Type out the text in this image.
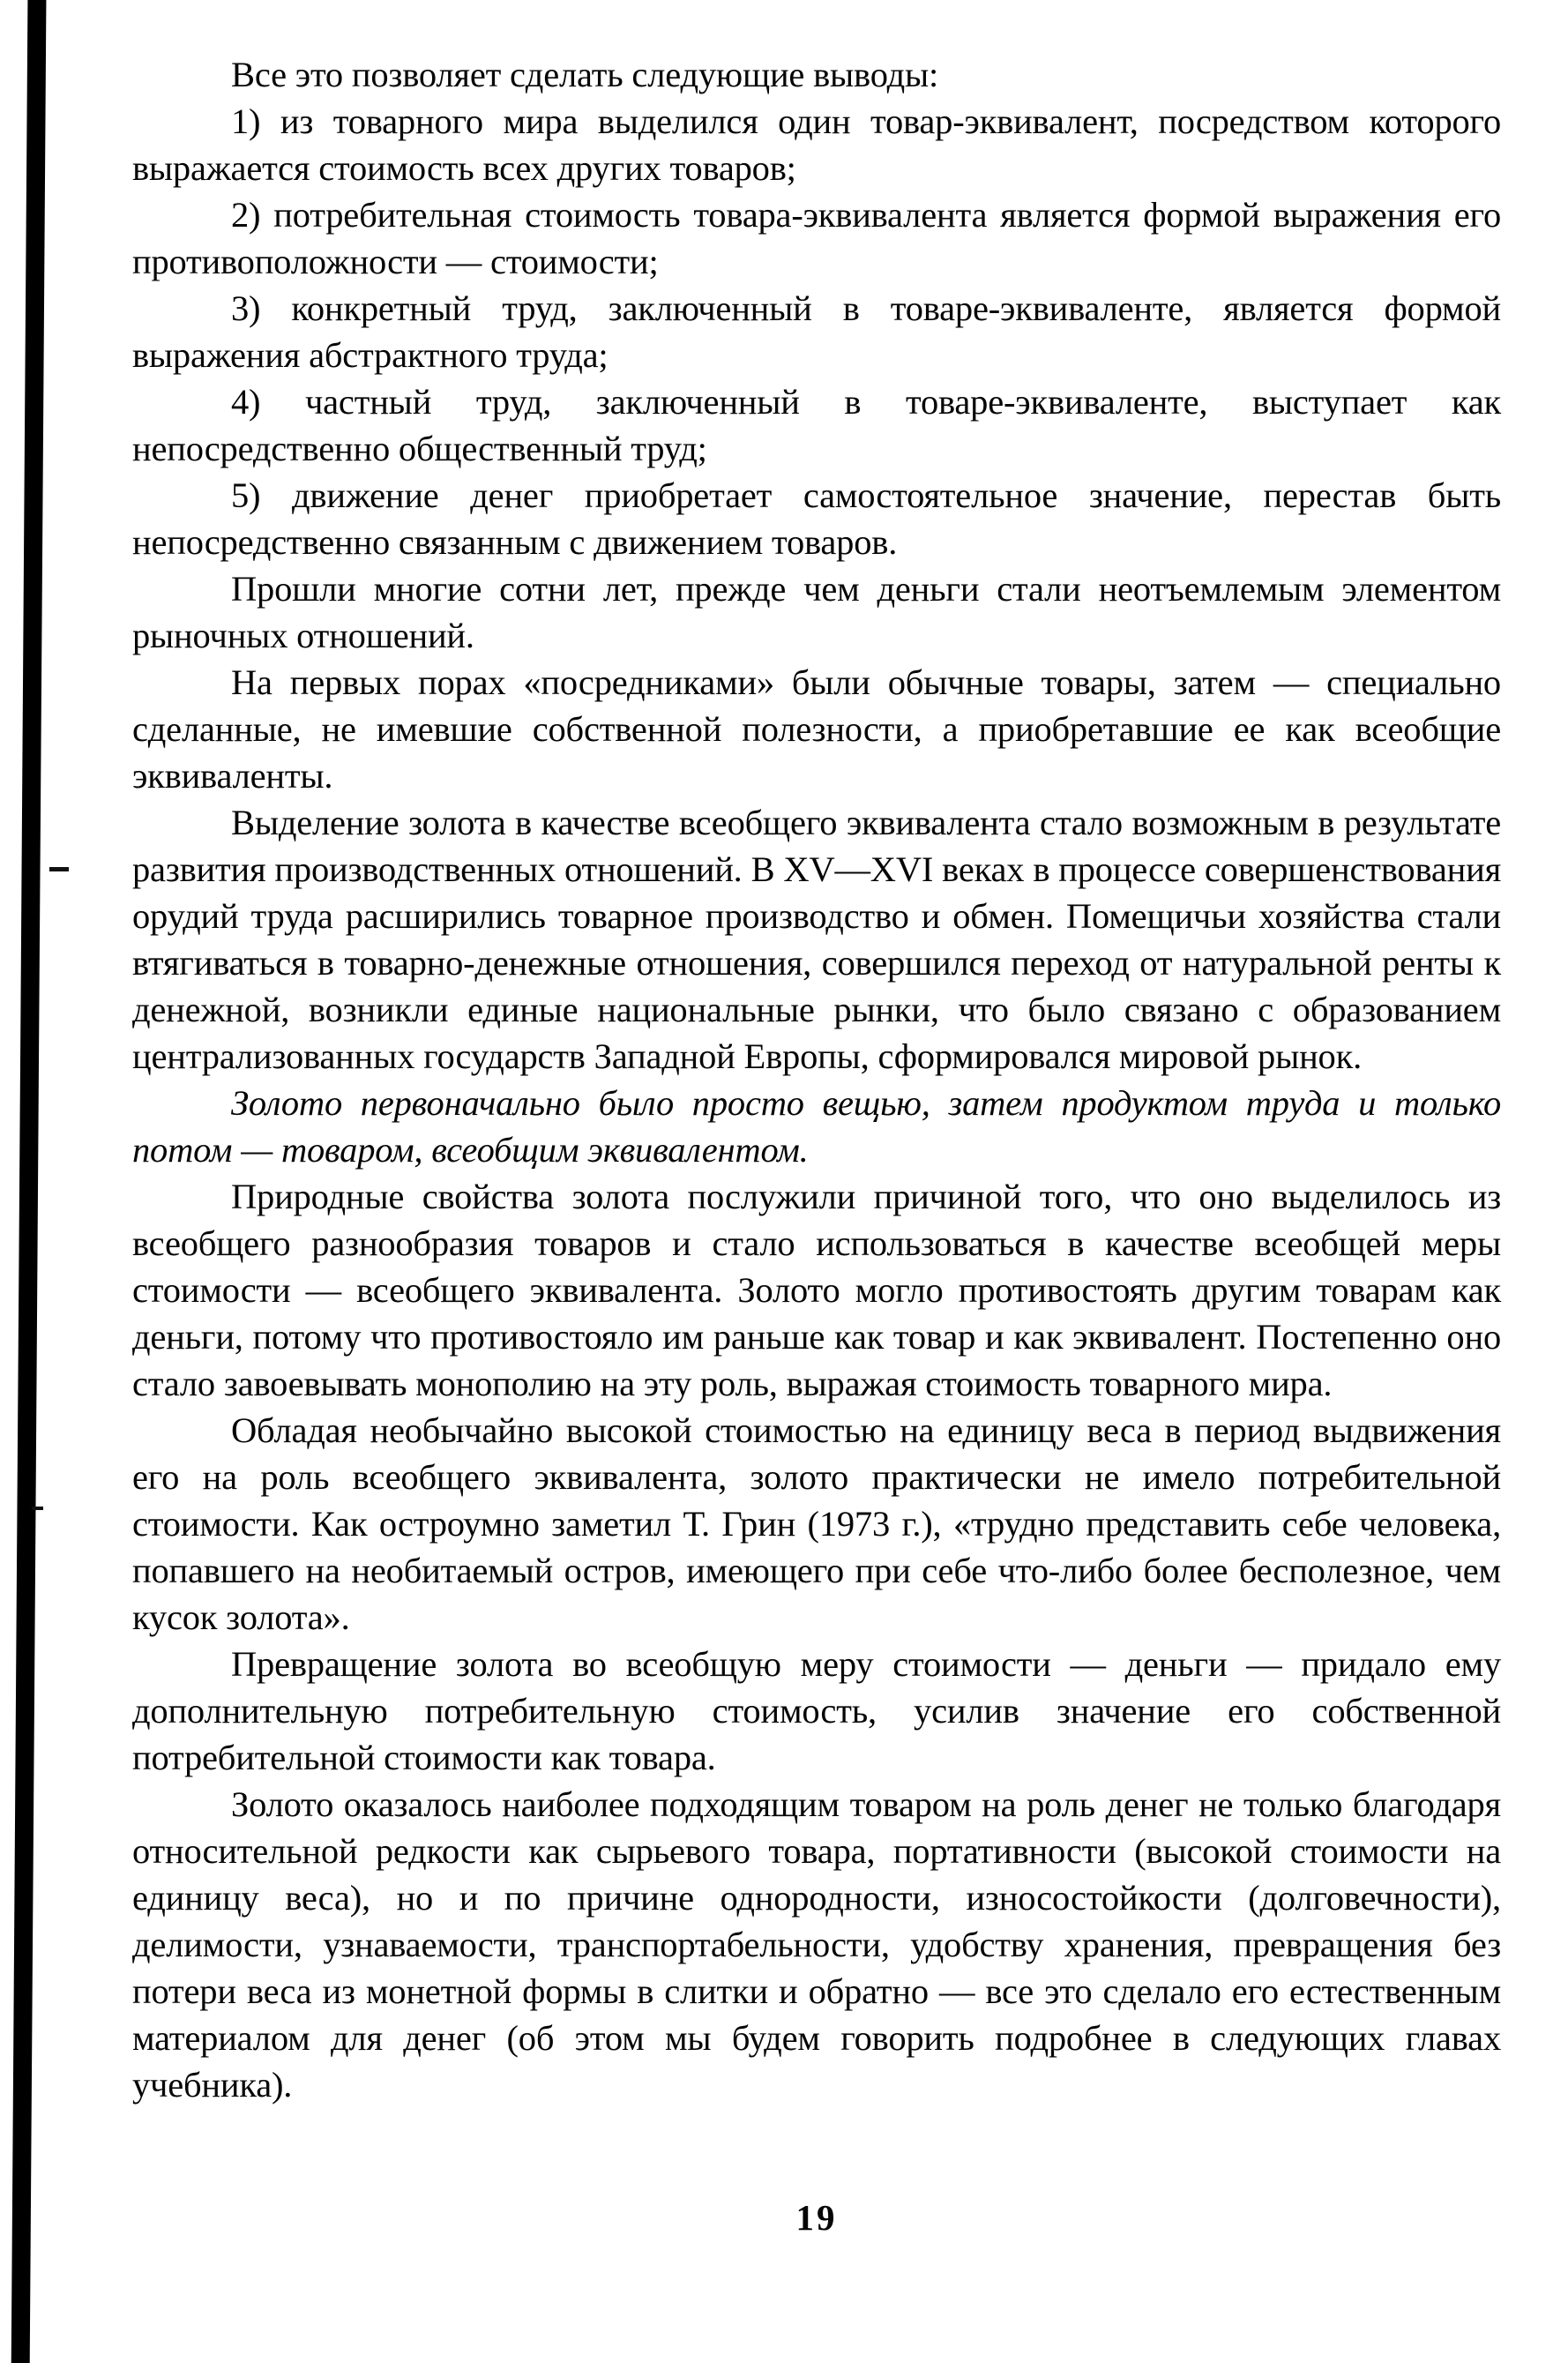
Все это позволяет сделать следующие выводы:

1) из товарного мира выделился один товар-эквивалент, посредством которого выражается стоимость всех других товаров;

2) потребительная стоимость товара-эквивалента является формой выражения его противоположности — стоимости;

3) конкретный труд, заключенный в товаре-эквиваленте, является формой выражения абстрактного труда;

4) частный труд, заключенный в товаре-эквиваленте, выступает как непосредственно общественный труд;

5) движение денег приобретает самостоятельное значение, перестав быть непосредственно связанным с движением товаров.

Прошли многие сотни лет, прежде чем деньги стали неотъемлемым элементом рыночных отношений.

На первых порах «посредниками» были обычные товары, затем — специально сделанные, не имевшие собственной полезности, а приобретавшие ее как всеобщие эквиваленты.

Выделение золота в качестве всеобщего эквивалента стало возможным в результате развития производственных отношений. В XV—XVI веках в процессе совершенствования орудий труда расширились товарное производство и обмен. Помещичьи хозяйства стали втягиваться в товарно-денежные отношения, совершился переход от натуральной ренты к денежной, возникли единые национальные рынки, что было связано с образованием централизованных государств Западной Европы, сформировался мировой рынок.

Золото первоначально было просто вещью, затем продуктом труда и только потом — товаром, всеобщим эквивалентом.

Природные свойства золота послужили причиной того, что оно выделилось из всеобщего разнообразия товаров и стало использоваться в качестве всеобщей меры стоимости — всеобщего эквивалента. Золото могло противостоять другим товарам как деньги, потому что противостояло им раньше как товар и как эквивалент. Постепенно оно стало завоевывать монополию на эту роль, выражая стоимость товарного мира.

Обладая необычайно высокой стоимостью на единицу веса в период выдвижения его на роль всеобщего эквивалента, золото практически не имело потребительной стоимости. Как остроумно заметил Т. Грин (1973 г.), «трудно представить себе человека, попавшего на необитаемый остров, имеющего при себе что-либо более бесполезное, чем кусок золота».

Превращение золота во всеобщую меру стоимости — деньги — придало ему дополнительную потребительную стоимость, усилив значение его собственной потребительной стоимости как товара.

Золото оказалось наиболее подходящим товаром на роль денег не только благодаря относительной редкости как сырьевого товара, портативности (высокой стоимости на единицу веса), но и по причине однородности, износостойкости (долговечности), делимости, узнаваемости, транспортабельности, удобству хранения, превращения без потери веса из монетной формы в слитки и обратно — все это сделало его естественным материалом для денег (об этом мы будем говорить подробнее в следующих главах учебника).

19
